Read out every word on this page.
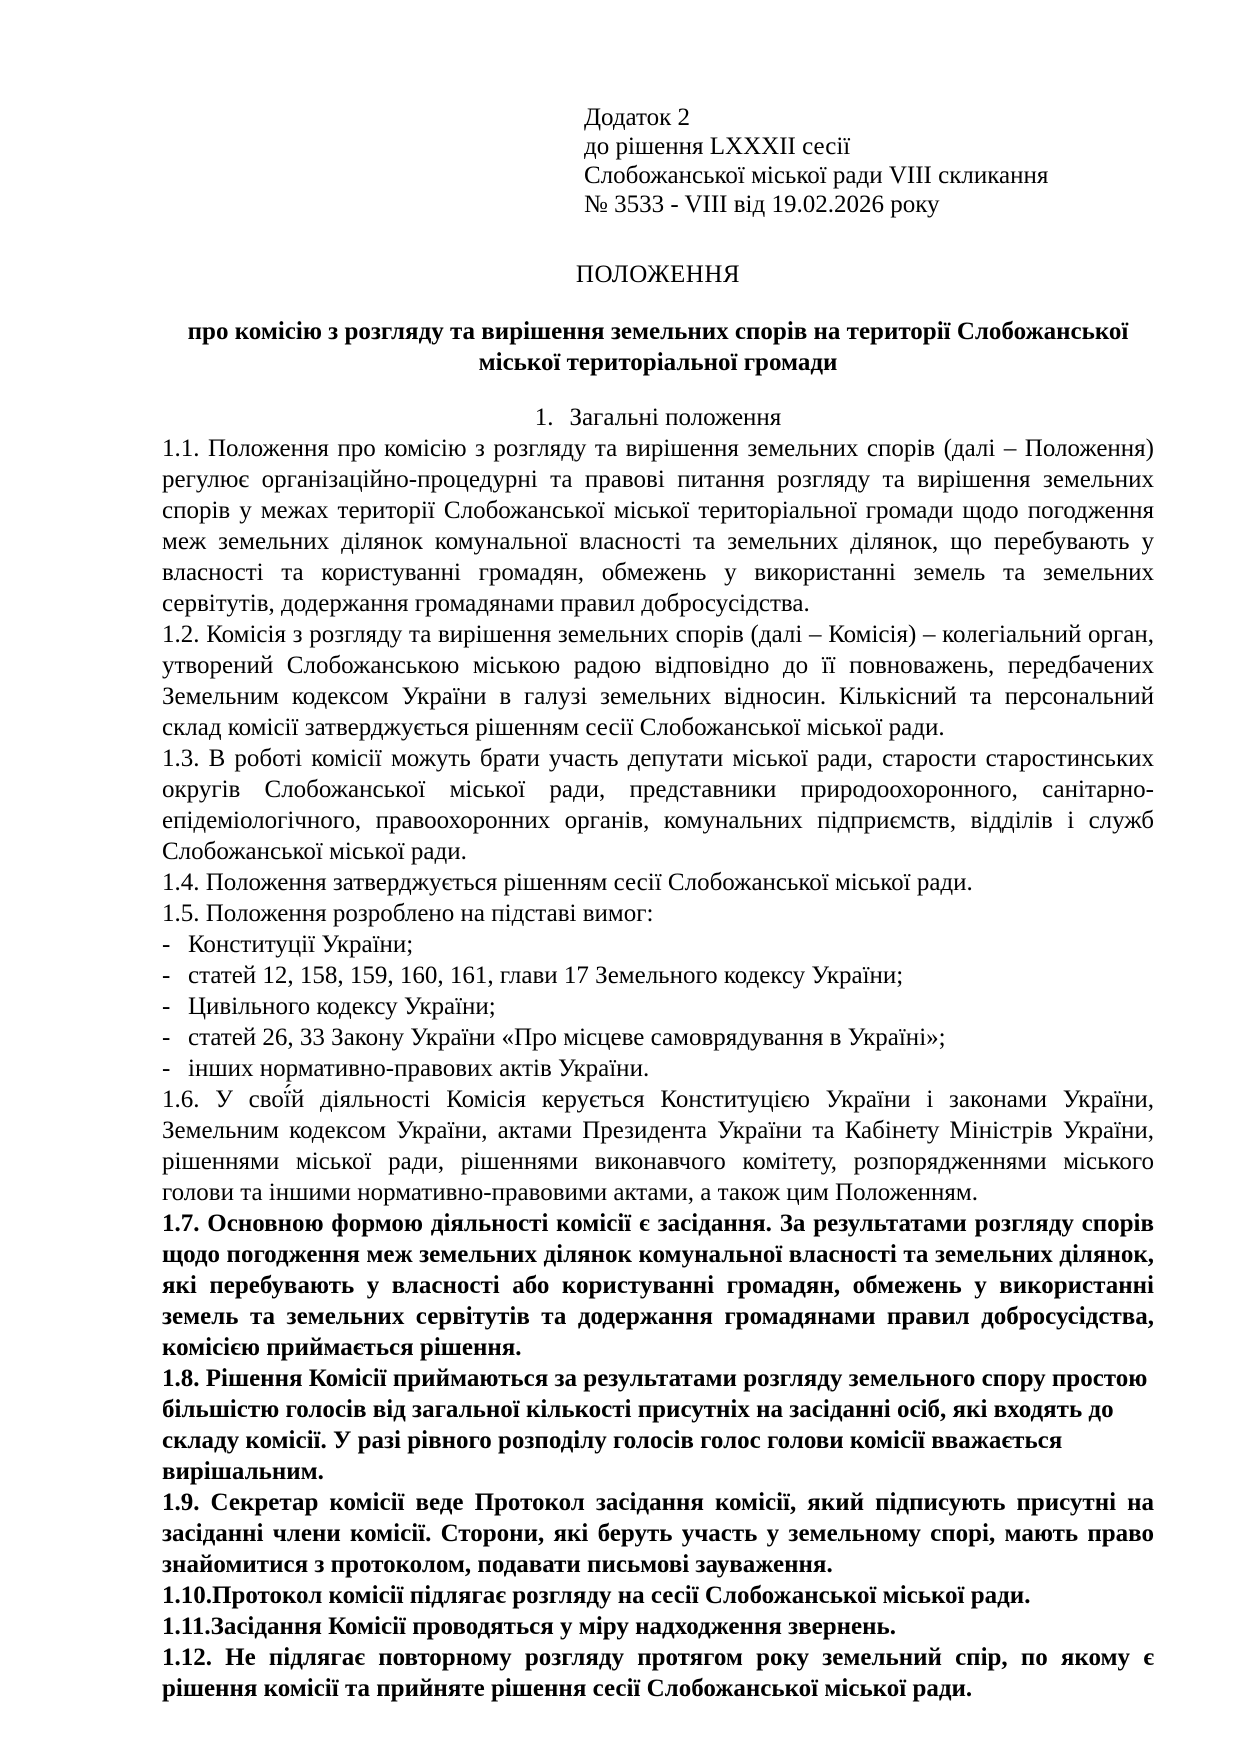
Додаток 2
до рішення LXXXII сесії
Слобожанської міської ради VIII скликання
№ 3533 - VIII від 19.02.2026 року
ПОЛОЖЕННЯ
про комісію з розгляду та вирішення земельних спорів на території Слобожанської міської територіальної громади
1. Загальні положення

1.1. Положення про комісію з розгляду та вирішення земельних спорів (далі – Положення) регулює організаційно-процедурні та правові питання розгляду та вирішення земельних спорів у межах території Слобожанської міської територіальної громади щодо погодження меж земельних ділянок комунальної власності та земельних ділянок, що перебувають у власності та користуванні громадян, обмежень у використанні земель та земельних сервітутів, додержання громадянами правил добросусідства.

1.2. Комісія з розгляду та вирішення земельних спорів (далі – Комісія) – колегіальний орган, утворений Слобожанською міською радою відповідно до її повноважень, передбачених Земельним кодексом України в галузі земельних відносин. Кількісний та персональний склад комісії затверджується рішенням сесії Слобожанської міської ради.

1.3. В роботі комісії можуть брати участь депутати міської ради, старости старостинських округів Слобожанської міської ради, представники природоохоронного, санітарно-епідеміологічного, правоохоронних органів, комунальних підприємств, відділів і служб Слобожанської міської ради.

1.4. Положення затверджується рішенням сесії Слобожанської міської ради.

1.5. Положення розроблено на підставі вимог:

- Конституції України;
- статей 12, 158, 159, 160, 161, глави 17 Земельного кодексу України;
- Цивільного кодексу України;
- статей 26, 33 Закону України «Про місцеве самоврядування в Україні»;
- інших нормативно-правових актів України.

1.6. У свої́й діяльності Комісія керується Конституцією України і законами України, Земельним кодексом України, актами Президента України та Кабінету Міністрів України, рішеннями міської ради, рішеннями виконавчого комітету, розпорядженнями міського голови та іншими нормативно-правовими актами, а також цим Положенням.

1.7. Основною формою діяльності комісії є засідання. За результатами розгляду спорів щодо погодження меж земельних ділянок комунальної власності та земельних ділянок, які перебувають у власності або користуванні громадян, обмежень у використанні земель та земельних сервітутів та додержання громадянами правил добросусідства, комісією приймається рішення.

1.8. Рішення Комісії приймаються за результатами розгляду земельного спору простою більшістю голосів від загальної кількості присутніх на засіданні осіб, які входять до складу комісії. У разі рівного розподілу голосів голос голови комісії вважається вирішальним.

1.9. Секретар комісії веде Протокол засідання комісії, який підписують присутні на засіданні члени комісії. Сторони, які беруть участь у земельному спорі, мають право знайомитися з протоколом, подавати письмові зауваження.

1.10.Протокол комісії підлягає розгляду на сесії Слобожанської міської ради.

1.11.Засідання Комісії проводяться у міру надходження звернень.

1.12. Не підлягає повторному розгляду протягом року земельний спір, по якому є рішення комісії та прийняте рішення сесії Слобожанської міської ради.
